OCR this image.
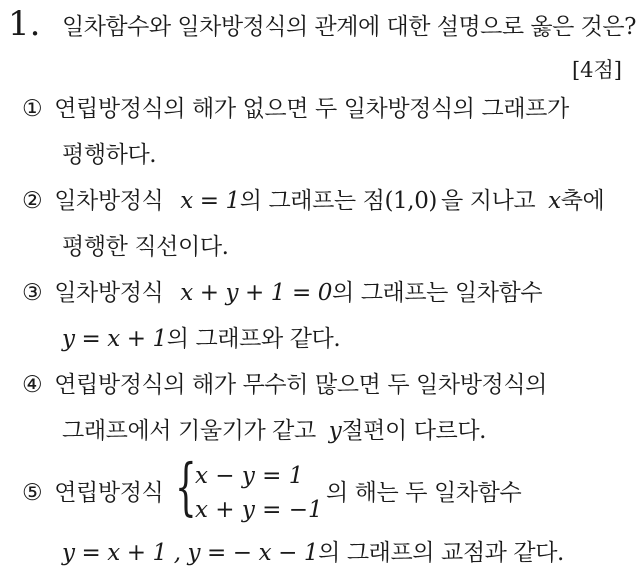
1. 일차함수와 일차방정식의 관계에 대한 설명으로 옳은 것은?
[4점]
① 연립방정식의 해가 없으면 두 일차방정식의 그래프가
평행하다.
② 일차방정식 x = 1의 그래프는 점(1,0) 을 지나고 x축에
평행한 직선이다.
③ 일차방정식 x + y + 1 = 0의 그래프는 일차함수
y = x + 1의 그래프와 같다.
④ 연립방정식의 해가 무수히 많으면 두 일차방정식의
그래프에서 기울기가 같고 y절편이 다르다.
⑤ 연립방정식 {
x − y = 1
x + y = −1
의 해는 두 일차함수
y = x + 1 , y = − x − 1의 그래프의 교점과 같다.
